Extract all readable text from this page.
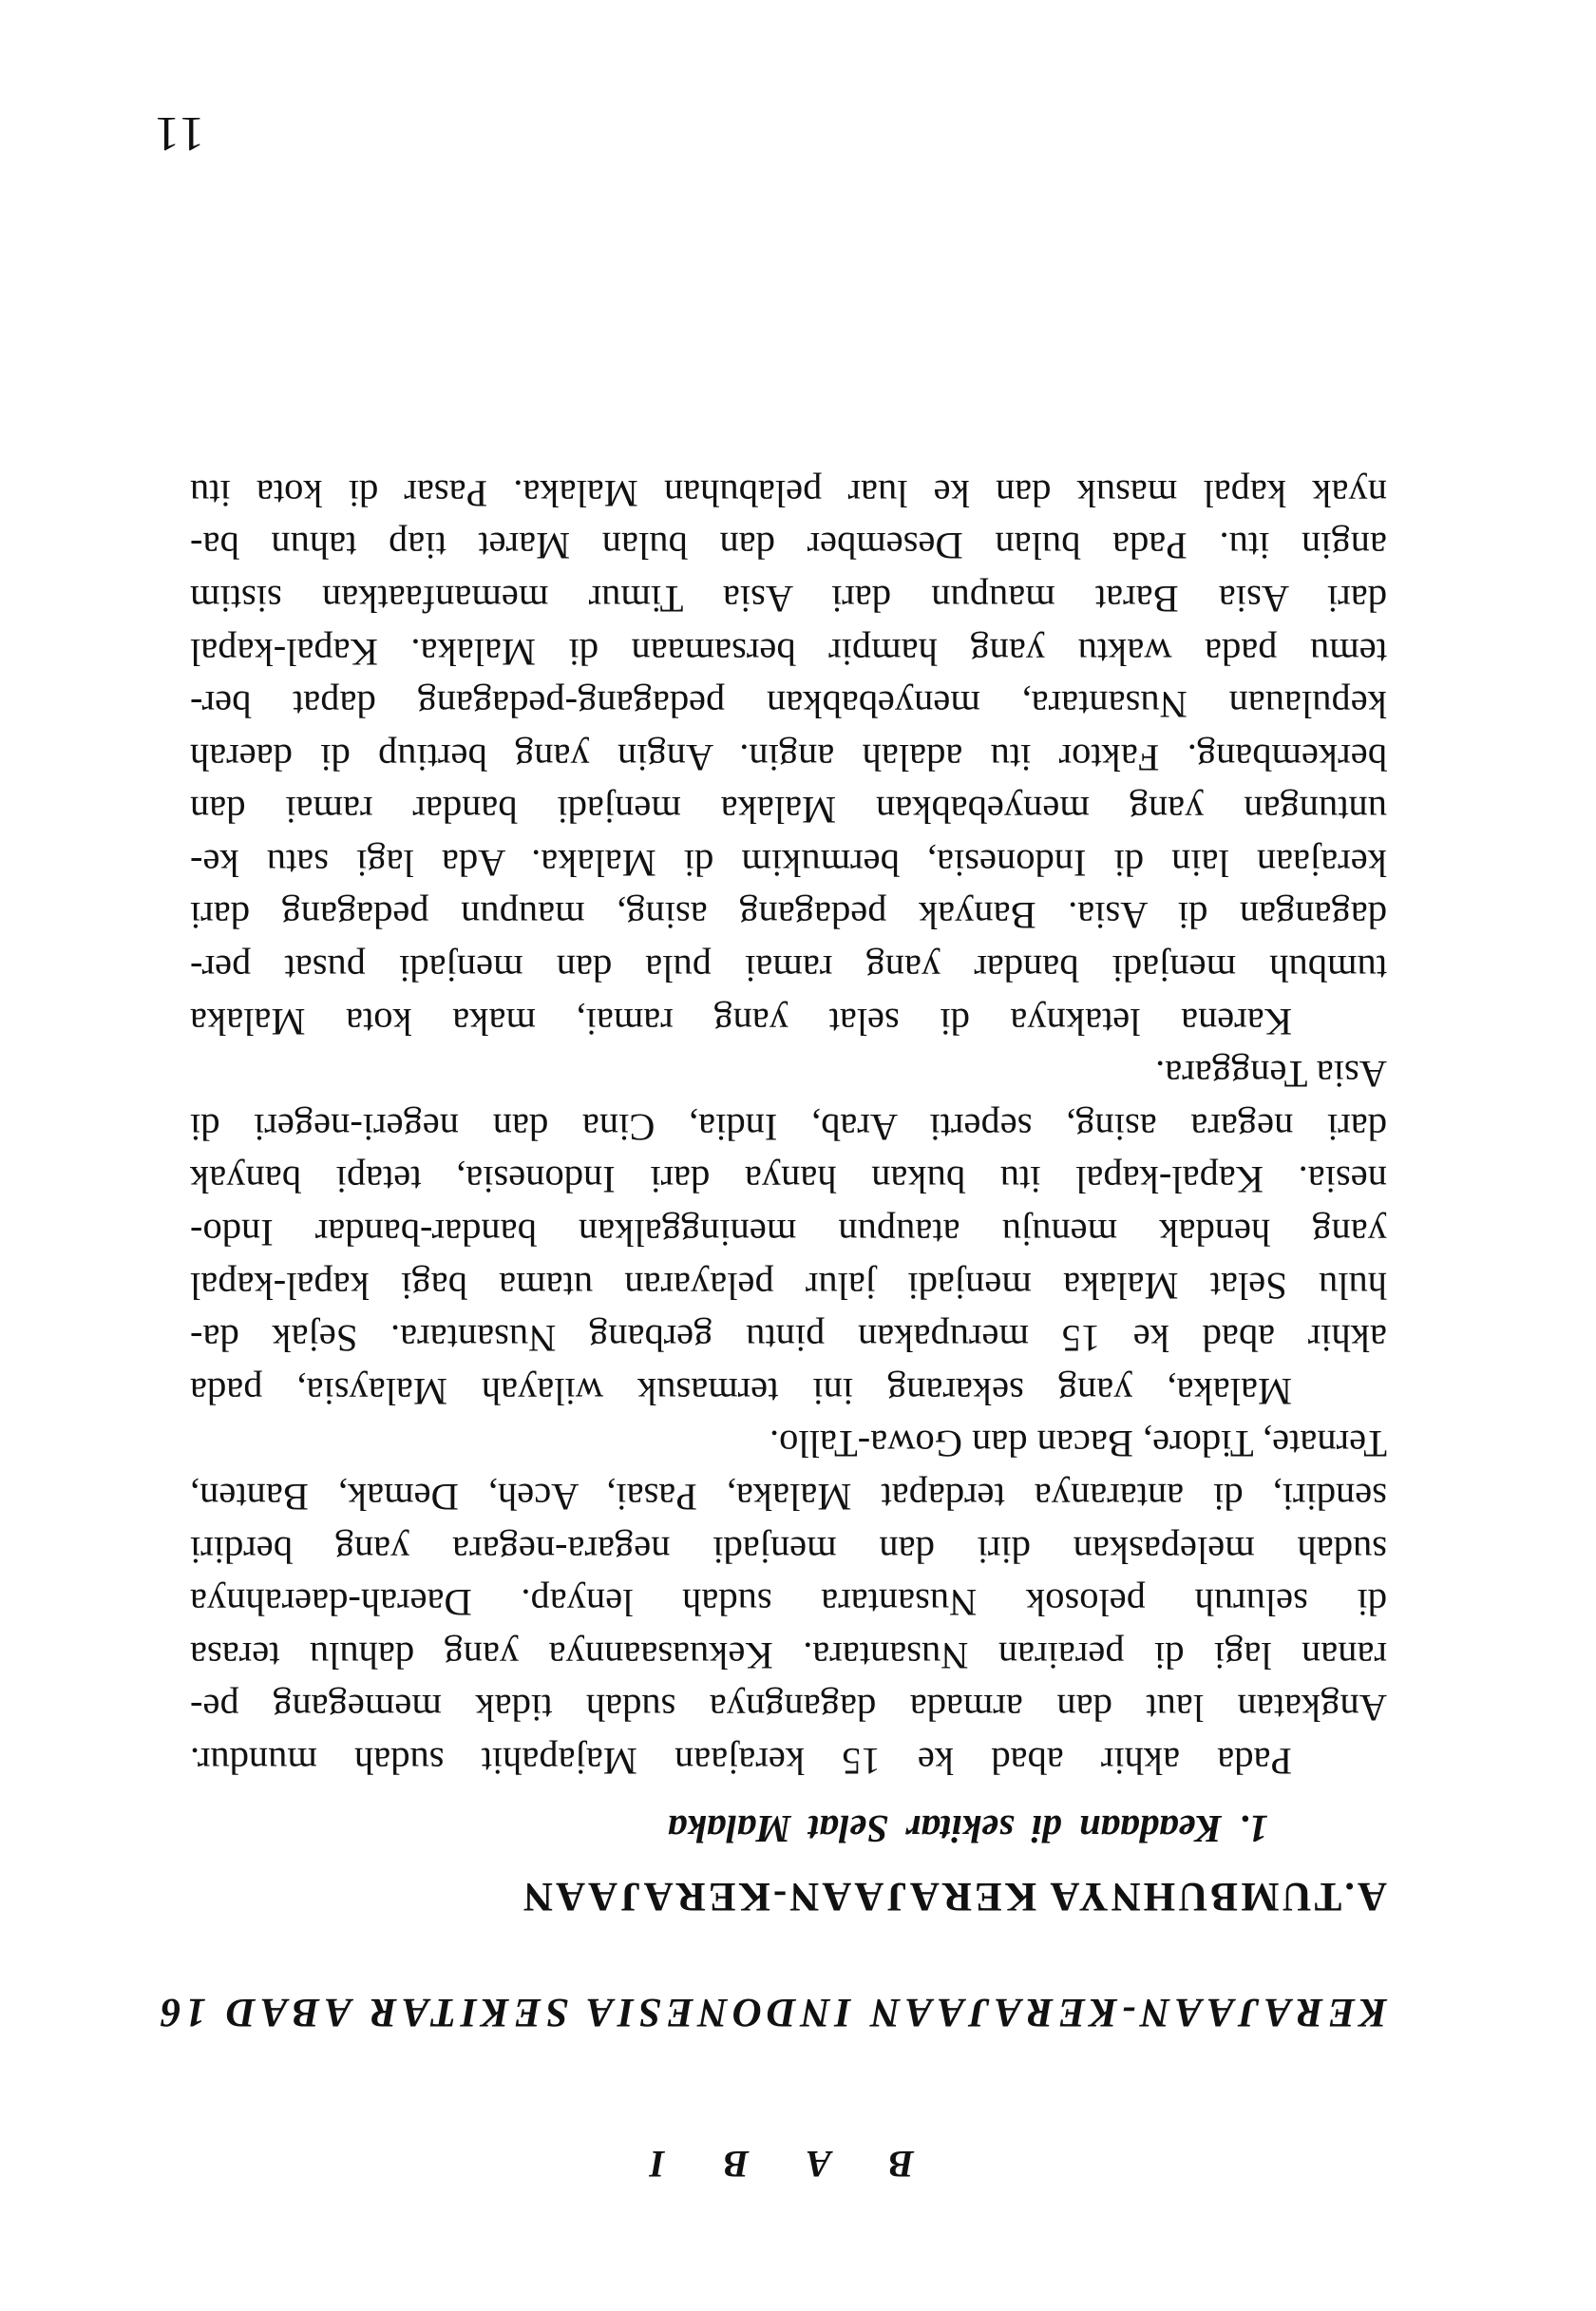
B A B I
KERAJAAN-KERAJAAN INDONESIA SEKITAR ABAD 16
A.TUMBUHNYA KERAJAAN-KERAJAAN
1. Keadaan di sekitar Selat Malaka

Pada akhir abad ke 15 kerajaan Majapahit sudah mundur.
Angkatan laut dan armada dagangnya sudah tidak memegang pe-
ranan lagi di perairan Nusantara. Kekuasaannya yang dahulu terasa
di seluruh pelosok Nusantara sudah lenyap. Daerah-daerahnya
sudah melepaskan diri dan menjadi negara-negara yang berdiri
sendiri, di antaranya terdapat Malaka, Pasai, Aceh, Demak, Banten,
Ternate, Tidore, Bacan dan Gowa-Tallo.

Malaka, yang sekarang ini termasuk wilayah Malaysia, pada
akhir abad ke 15 merupakan pintu gerbang Nusantara. Sejak da-
hulu Selat Malaka menjadi jalur pelayaran utama bagi kapal-kapal
yang hendak menuju ataupun meninggalkan bandar-bandar Indo-
nesia. Kapal-kapal itu bukan hanya dari Indonesia, tetapi banyak
dari negara asing, seperti Arab, India, Cina dan negeri-negeri di
Asia Tenggara.

Karena letaknya di selat yang ramai, maka kota Malaka
tumbuh menjadi bandar yang ramai pula dan menjadi pusat per-
dagangan di Asia. Banyak pedagang asing, maupun pedagang dari
kerajaan lain di Indonesia, bermukim di Malaka. Ada lagi satu ke-
untungan yang menyebabkan Malaka menjadi bandar ramai dan
berkembang. Faktor itu adalah angin. Angin yang bertiup di daerah
kepulauan Nusantara, menyebabkan pedagang-pedagang dapat ber-
temu pada waktu yang hampir bersamaan di Malaka. Kapal-kapal
dari Asia Barat maupun dari Asia Timur memanfaatkan sistim
angin itu. Pada bulan Desember dan bulan Maret tiap tahun ba-
nyak kapal masuk dan ke luar pelabuhan Malaka. Pasar di kota itu

11
